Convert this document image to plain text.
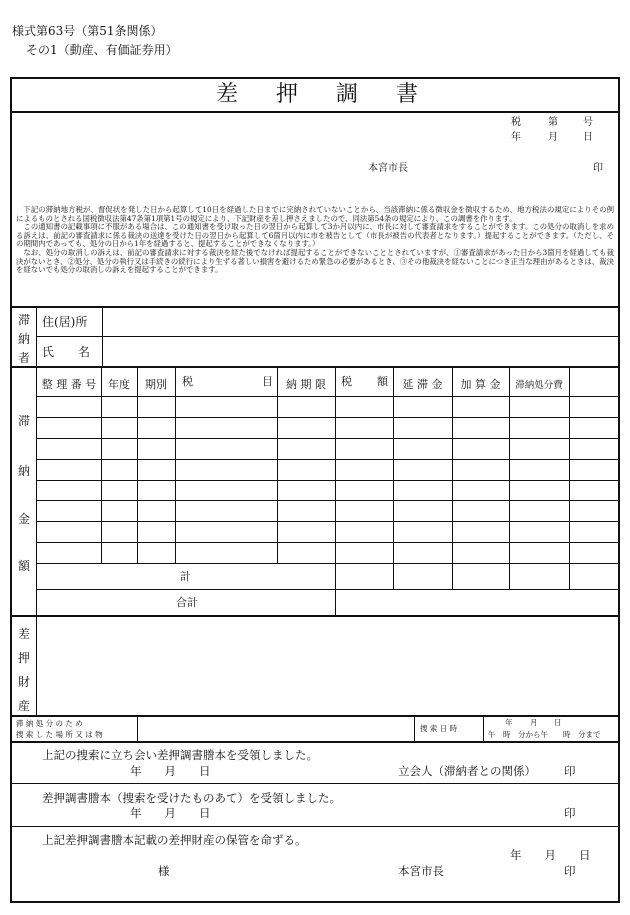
様式第63号（第51条関係）
その1（動産、有価証券用）
差 押 調 書
税	第	号
年	月	日
本宮市長	印

下記の滞納地方税が、督促状を発した日から起算して10日を経過した日までに完納されていないことから、当該滞納に係る徴収金を徴収するため、地方税法の規定によりその例によるものとされる国税徴収法第47条第1項第1号の規定により、下記財産を差し押さえましたので、同法第54条の規定により、この調書を作ります。

この通知書の記載事項に不服がある場合は、この通知書を受け取った日の翌日から起算して3か月以内に、市長に対して審査請求をすることができます。この処分の取消しを求める訴えは、前記の審査請求に係る裁決の送達を受けた日の翌日から起算して6箇月以内に市を被告として（市長が被告の代表者となります。）提起することができます。（ただし、その期間内であっても、処分の日から1年を経過すると、提起することができなくなります。）

なお、処分の取消しの訴えは、前記の審査請求に対する裁決を経た後でなければ提起することができないこととされていますが、①審査請求があった日から3箇月を経過しても裁決がないとき、②処分、処分の執行又は手続きの続行により生ずる著しい損害を避けるため緊急の必要があるとき、③その他裁決を経ないことにつき正当な理由があるときは、裁決を経ないでも処分の取消しの訴えを提起することができます。

滞
納
者
住(居)所
氏　　名
整 理 番 号	年度	期別	税	目	納 期 限	税 額	延 滞 金	加 算 金	滞納処分費
滞
納
金
額
計
合計
差
押
財
産
滞 納 処 分 の た め
捜 索 し た 場 所 又 は 物
捜 索 日 時
年 月 日
午　時　分から午　　時　分まで
上記の捜索に立ち会い差押調書謄本を受領しました。
年　　月　　日	立会人（滞納者との関係） 印
差押調書謄本（捜索を受けたものあて）を受領しました。
年　　月　　日	印
上記差押調書謄本記載の差押財産の保管を命ずる。
年　　月　　日
様	本宮市長	印
